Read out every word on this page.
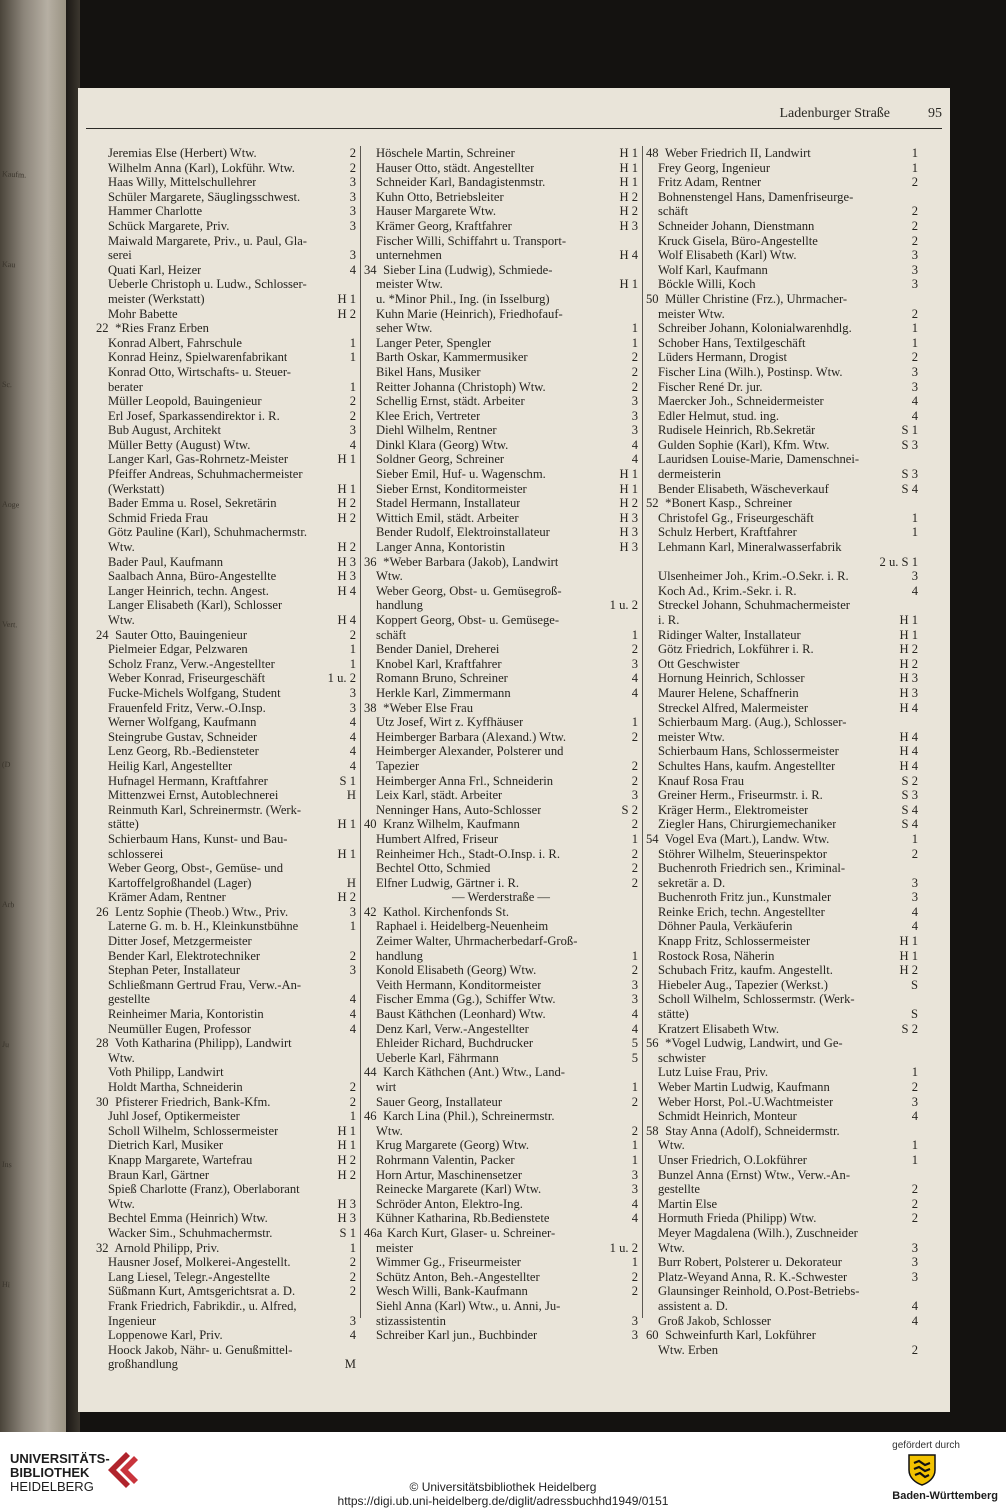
Kaufm.
Kau
Sc.
Aoge
Vert.
(D
Arb
Ju
Ins
Hi
Ladenburger Straße	95
Jeremias Else (Herbert) Wtw.	2
Wilhelm Anna (Karl), Lokführ. Wtw.	2
Haas Willy, Mittelschullehrer	3
Schüler Margarete, Säuglingsschwest.	3
Hammer Charlotte	3
Schück Margarete, Priv.	3
Maiwald Margarete, Priv., u. Paul, Gla-
serei	3
Quati Karl, Heizer	4
Ueberle Christoph u. Ludw., Schlosser-
meister (Werkstatt)	H 1
Mohr Babette	H 2
22 *Ries Franz Erben
Konrad Albert, Fahrschule	1
Konrad Heinz, Spielwarenfabrikant	1
Konrad Otto, Wirtschafts- u. Steuer-
berater	1
Müller Leopold, Bauingenieur	2
Erl Josef, Sparkassendirektor i. R.	2
Bub August, Architekt	3
Müller Betty (August) Wtw.	4
Langer Karl, Gas-Rohrnetz-Meister	H 1
Pfeiffer Andreas, Schuhmachermeister
(Werkstatt)	H 1
Bader Emma u. Rosel, Sekretärin	H 2
Schmid Frieda Frau	H 2
Götz Pauline (Karl), Schuhmachermstr.
Wtw.	H 2
Bader Paul, Kaufmann	H 3
Saalbach Anna, Büro-Angestellte	H 3
Langer Heinrich, techn. Angest.	H 4
Langer Elisabeth (Karl), Schlosser
Wtw.	H 4
24 Sauter Otto, Bauingenieur	2
Pielmeier Edgar, Pelzwaren	1
Scholz Franz, Verw.-Angestellter	1
Weber Konrad, Friseurgeschäft	1 u. 2
Fucke-Michels Wolfgang, Student	3
Frauenfeld Fritz, Verw.-O.Insp.	3
Werner Wolfgang, Kaufmann	4
Steingrube Gustav, Schneider	4
Lenz Georg, Rb.-Bediensteter	4
Heilig Karl, Angestellter	4
Hufnagel Hermann, Kraftfahrer	S 1
Mittenzwei Ernst, Autoblechnerei	H
Reinmuth Karl, Schreinermstr. (Werk-
stätte)	H 1
Schierbaum Hans, Kunst- und Bau-
schlosserei	H 1
Weber Georg, Obst-, Gemüse- und
Kartoffelgroßhandel (Lager)	H
Krämer Adam, Rentner	H 2
26 Lentz Sophie (Theob.) Wtw., Priv.	3
Laterne G. m. b. H., Kleinkunstbühne	1
Ditter Josef, Metzgermeister
Bender Karl, Elektrotechniker	2
Stephan Peter, Installateur	3
Schließmann Gertrud Frau, Verw.-An-
gestellte	4
Reinheimer Maria, Kontoristin	4
Neumüller Eugen, Professor	4
28 Voth Katharina (Philipp), Landwirt
Wtw.
Voth Philipp, Landwirt
Holdt Martha, Schneiderin	2
30 Pfisterer Friedrich, Bank-Kfm.	2
Juhl Josef, Optikermeister	1
Scholl Wilhelm, Schlossermeister	H 1
Dietrich Karl, Musiker	H 1
Knapp Margarete, Wartefrau	H 2
Braun Karl, Gärtner	H 2
Spieß Charlotte (Franz), Oberlaborant
Wtw.	H 3
Bechtel Emma (Heinrich) Wtw.	H 3
Wacker Sim., Schuhmachermstr.	S 1
32 Arnold Philipp, Priv.	1
Hausner Josef, Molkerei-Angestellt.	2
Lang Liesel, Telegr.-Angestellte	2
Süßmann Kurt, Amtsgerichtsrat a. D.	2
Frank Friedrich, Fabrikdir., u. Alfred,
Ingenieur	3
Loppenowe Karl, Priv.	4
Hoock Jakob, Nähr- u. Genußmittel-
großhandlung	M
Höschele Martin, Schreiner	H 1
Hauser Otto, städt. Angestellter	H 1
Schneider Karl, Bandagistenmstr.	H 1
Kuhn Otto, Betriebsleiter	H 2
Hauser Margarete Wtw.	H 2
Krämer Georg, Kraftfahrer	H 3
Fischer Willi, Schiffahrt u. Transport-
unternehmen	H 4
34 Sieber Lina (Ludwig), Schmiede-
meister Wtw.	H 1
u. *Minor Phil., Ing. (in Isselburg)
Kuhn Marie (Heinrich), Friedhofauf-
seher Wtw.	1
Langer Peter, Spengler	1
Barth Oskar, Kammermusiker	2
Bikel Hans, Musiker	2
Reitter Johanna (Christoph) Wtw.	2
Schellig Ernst, städt. Arbeiter	3
Klee Erich, Vertreter	3
Diehl Wilhelm, Rentner	3
Dinkl Klara (Georg) Wtw.	4
Soldner Georg, Schreiner	4
Sieber Emil, Huf- u. Wagenschm.	H 1
Sieber Ernst, Konditormeister	H 1
Stadel Hermann, Installateur	H 2
Wittich Emil, städt. Arbeiter	H 3
Bender Rudolf, Elektroinstallateur	H 3
Langer Anna, Kontoristin	H 3
36 *Weber Barbara (Jakob), Landwirt
Wtw.
Weber Georg, Obst- u. Gemüsegroß-
handlung	1 u. 2
Koppert Georg, Obst- u. Gemüsege-
schäft	1
Bender Daniel, Dreherei	2
Knobel Karl, Kraftfahrer	3
Romann Bruno, Schreiner	4
Herkle Karl, Zimmermann	4
38 *Weber Else Frau
Utz Josef, Wirt z. Kyffhäuser	1
Heimberger Barbara (Alexand.) Wtw.	2
Heimberger Alexander, Polsterer und
Tapezier	2
Heimberger Anna Frl., Schneiderin	2
Leix Karl, städt. Arbeiter	3
Nenninger Hans, Auto-Schlosser	S 2
40 Kranz Wilhelm, Kaufmann	2
Humbert Alfred, Friseur	1
Reinheimer Hch., Stadt-O.Insp. i. R.	2
Bechtel Otto, Schmied	2
Elfner Ludwig, Gärtner i. R.	2
— Werderstraße —
42 Kathol. Kirchenfonds St.
Raphael i. Heidelberg-Neuenheim
Zeimer Walter, Uhrmacherbedarf-Groß-
handlung	1
Konold Elisabeth (Georg) Wtw.	2
Veith Hermann, Konditormeister	3
Fischer Emma (Gg.), Schiffer Wtw.	3
Baust Käthchen (Leonhard) Wtw.	4
Denz Karl, Verw.-Angestellter	4
Ehleider Richard, Buchdrucker	5
Ueberle Karl, Fährmann	5
44 Karch Käthchen (Ant.) Wtw., Land-
wirt	1
Sauer Georg, Installateur	2
46 Karch Lina (Phil.), Schreinermstr.
Wtw.	2
Krug Margarete (Georg) Wtw.	1
Rohrmann Valentin, Packer	1
Horn Artur, Maschinensetzer	3
Reinecke Margarete (Karl) Wtw.	3
Schröder Anton, Elektro-Ing.	4
Kühner Katharina, Rb.Bedienstete	4
46a Karch Kurt, Glaser- u. Schreiner-
meister	1 u. 2
Wimmer Gg., Friseurmeister	1
Schütz Anton, Beh.-Angestellter	2
Wesch Willi, Bank-Kaufmann	2
Siehl Anna (Karl) Wtw., u. Anni, Ju-
stizassistentin	3
Schreiber Karl jun., Buchbinder	3
48 Weber Friedrich II, Landwirt	1
Frey Georg, Ingenieur	1
Fritz Adam, Rentner	2
Bohnenstengel Hans, Damenfriseurge-
schäft	2
Schneider Johann, Dienstmann	2
Kruck Gisela, Büro-Angestellte	2
Wolf Elisabeth (Karl) Wtw.	3
Wolf Karl, Kaufmann	3
Böckle Willi, Koch	3
50 Müller Christine (Frz.), Uhrmacher-
meister Wtw.	2
Schreiber Johann, Kolonialwarenhdlg.	1
Schober Hans, Textilgeschäft	1
Lüders Hermann, Drogist	2
Fischer Lina (Wilh.), Postinsp. Wtw.	3
Fischer René Dr. jur.	3
Maercker Joh., Schneidermeister	4
Edler Helmut, stud. ing.	4
Rudisele Heinrich, Rb.Sekretär	S 1
Gulden Sophie (Karl), Kfm. Wtw.	S 3
Lauridsen Louise-Marie, Damenschnei-
dermeisterin	S 3
Bender Elisabeth, Wäscheverkauf	S 4
52 *Bonert Kasp., Schreiner
Christofel Gg., Friseurgeschäft	1
Schulz Herbert, Kraftfahrer	1
Lehmann Karl, Mineralwasserfabrik
2 u. S 1
Ulsenheimer Joh., Krim.-O.Sekr. i. R.	3
Koch Ad., Krim.-Sekr. i. R.	4
Streckel Johann, Schuhmachermeister
i. R.	H 1
Ridinger Walter, Installateur	H 1
Götz Friedrich, Lokführer i. R.	H 2
Ott Geschwister	H 2
Hornung Heinrich, Schlosser	H 3
Maurer Helene, Schaffnerin	H 3
Streckel Alfred, Malermeister	H 4
Schierbaum Marg. (Aug.), Schlosser-
meister Wtw.	H 4
Schierbaum Hans, Schlossermeister	H 4
Schultes Hans, kaufm. Angestellter	H 4
Knauf Rosa Frau	S 2
Greiner Herm., Friseurmstr. i. R.	S 3
Kräger Herm., Elektromeister	S 4
Ziegler Hans, Chirurgiemechaniker	S 4
54 Vogel Eva (Mart.), Landw. Wtw.	1
Stöhrer Wilhelm, Steuerinspektor	2
Buchenroth Friedrich sen., Kriminal-
sekretär a. D.	3
Buchenroth Fritz jun., Kunstmaler	3
Reinke Erich, techn. Angestellter	4
Döhner Paula, Verkäuferin	4
Knapp Fritz, Schlossermeister	H 1
Rostock Rosa, Näherin	H 1
Schubach Fritz, kaufm. Angestellt.	H 2
Hiebeler Aug., Tapezier (Werkst.)	S
Scholl Wilhelm, Schlossermstr. (Werk-
stätte)	S
Kratzert Elisabeth Wtw.	S 2
56 *Vogel Ludwig, Landwirt, und Ge-
schwister
Lutz Luise Frau, Priv.	1
Weber Martin Ludwig, Kaufmann	2
Weber Horst, Pol.-U.Wachtmeister	3
Schmidt Heinrich, Monteur	4
58 Stay Anna (Adolf), Schneidermstr.
Wtw.	1
Unser Friedrich, O.Lokführer	1
Bunzel Anna (Ernst) Wtw., Verw.-An-
gestellte	2
Martin Else	2
Hormuth Frieda (Philipp) Wtw.	2
Meyer Magdalena (Wilh.), Zuschneider
Wtw.	3
Burr Robert, Polsterer u. Dekorateur	3
Platz-Weyand Anna, R. K.-Schwester	3
Glaunsinger Reinhold, O.Post-Betriebs-
assistent a. D.	4
Groß Jakob, Schlosser	4
60 Schweinfurth Karl, Lokführer
Wtw. Erben	2
UNIVERSITÄTS-
BIBLIOTHEK
HEIDELBERG	© Universitätsbibliothek Heidelberg
https://digi.ub.uni-heidelberg.de/diglit/adressbuchhd1949/0151
gefördert durch
Baden-Württemberg
